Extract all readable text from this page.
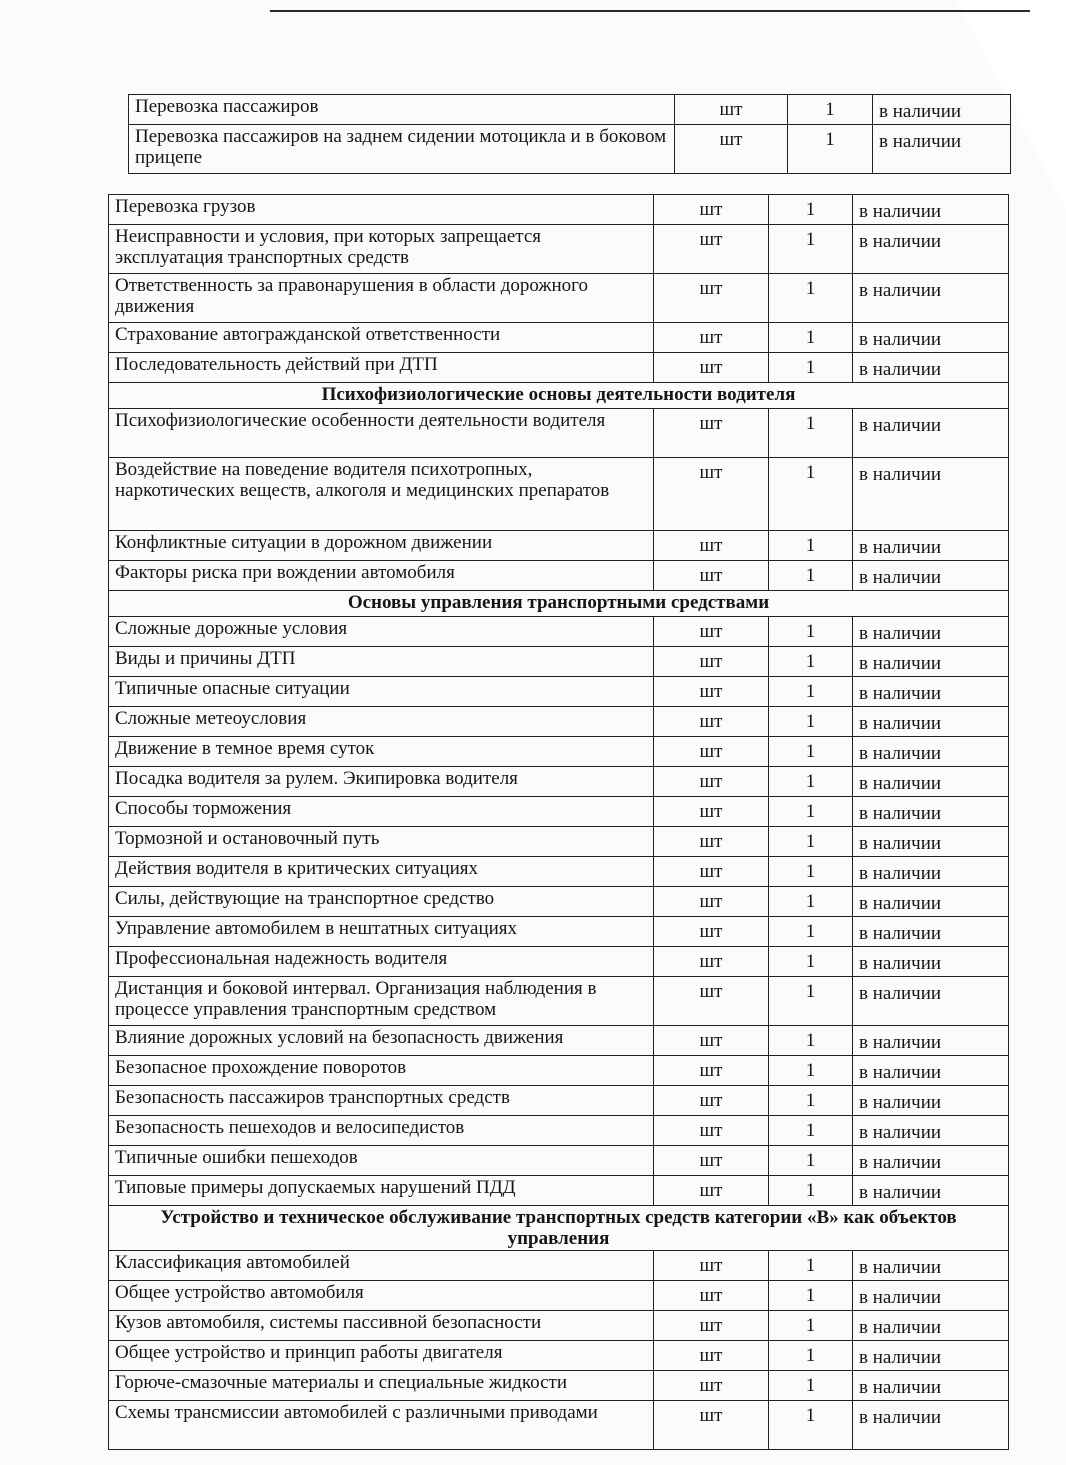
Перевозка пассажиров	шт	1	в наличии
Перевозка пассажиров на заднем сидении мотоцикла и в боковом прицепе	шт	1	в наличии
Перевозка грузов	шт	1	в наличии
Неисправности и условия, при которых запрещается эксплуатация транспортных средств	шт	1	в наличии
Ответственность за правонарушения в области дорожного движения	шт	1	в наличии
Страхование автогражданской ответственности	шт	1	в наличии
Последовательность действий при ДТП	шт	1	в наличии
Психофизиологические основы деятельности водителя			
Психофизиологические особенности деятельности водителя	шт	1	в наличии
Воздействие на поведение водителя психотропных, наркотических веществ, алкоголя и медицинских препаратов	шт	1	в наличии
Конфликтные ситуации в дорожном движении	шт	1	в наличии
Факторы риска при вождении автомобиля	шт	1	в наличии
Основы управления транспортными средствами			
Сложные дорожные условия	шт	1	в наличии
Виды и причины ДТП	шт	1	в наличии
Типичные опасные ситуации	шт	1	в наличии
Сложные метеоусловия	шт	1	в наличии
Движение в темное время суток	шт	1	в наличии
Посадка водителя за рулем. Экипировка водителя	шт	1	в наличии
Способы торможения	шт	1	в наличии
Тормозной и остановочный путь	шт	1	в наличии
Действия водителя в критических ситуациях	шт	1	в наличии
Силы, действующие на транспортное средство	шт	1	в наличии
Управление автомобилем в нештатных ситуациях	шт	1	в наличии
Профессиональная надежность водителя	шт	1	в наличии
Дистанция и боковой интервал. Организация наблюдения в процессе управления транспортным средством	шт	1	в наличии
Влияние дорожных условий на безопасность движения	шт	1	в наличии
Безопасное прохождение поворотов	шт	1	в наличии
Безопасность пассажиров транспортных средств	шт	1	в наличии
Безопасность пешеходов и велосипедистов	шт	1	в наличии
Типичные ошибки пешеходов	шт	1	в наличии
Типовые примеры допускаемых нарушений ПДД	шт	1	в наличии
Устройство и техническое обслуживание транспортных средств категории «В» как объектов управления			
Классификация автомобилей	шт	1	в наличии
Общее устройство автомобиля	шт	1	в наличии
Кузов автомобиля, системы пассивной безопасности	шт	1	в наличии
Общее устройство и принцип работы двигателя	шт	1	в наличии
Горюче-смазочные материалы и специальные жидкости	шт	1	в наличии
Схемы трансмиссии автомобилей с различными приводами	шт	1	в наличии
